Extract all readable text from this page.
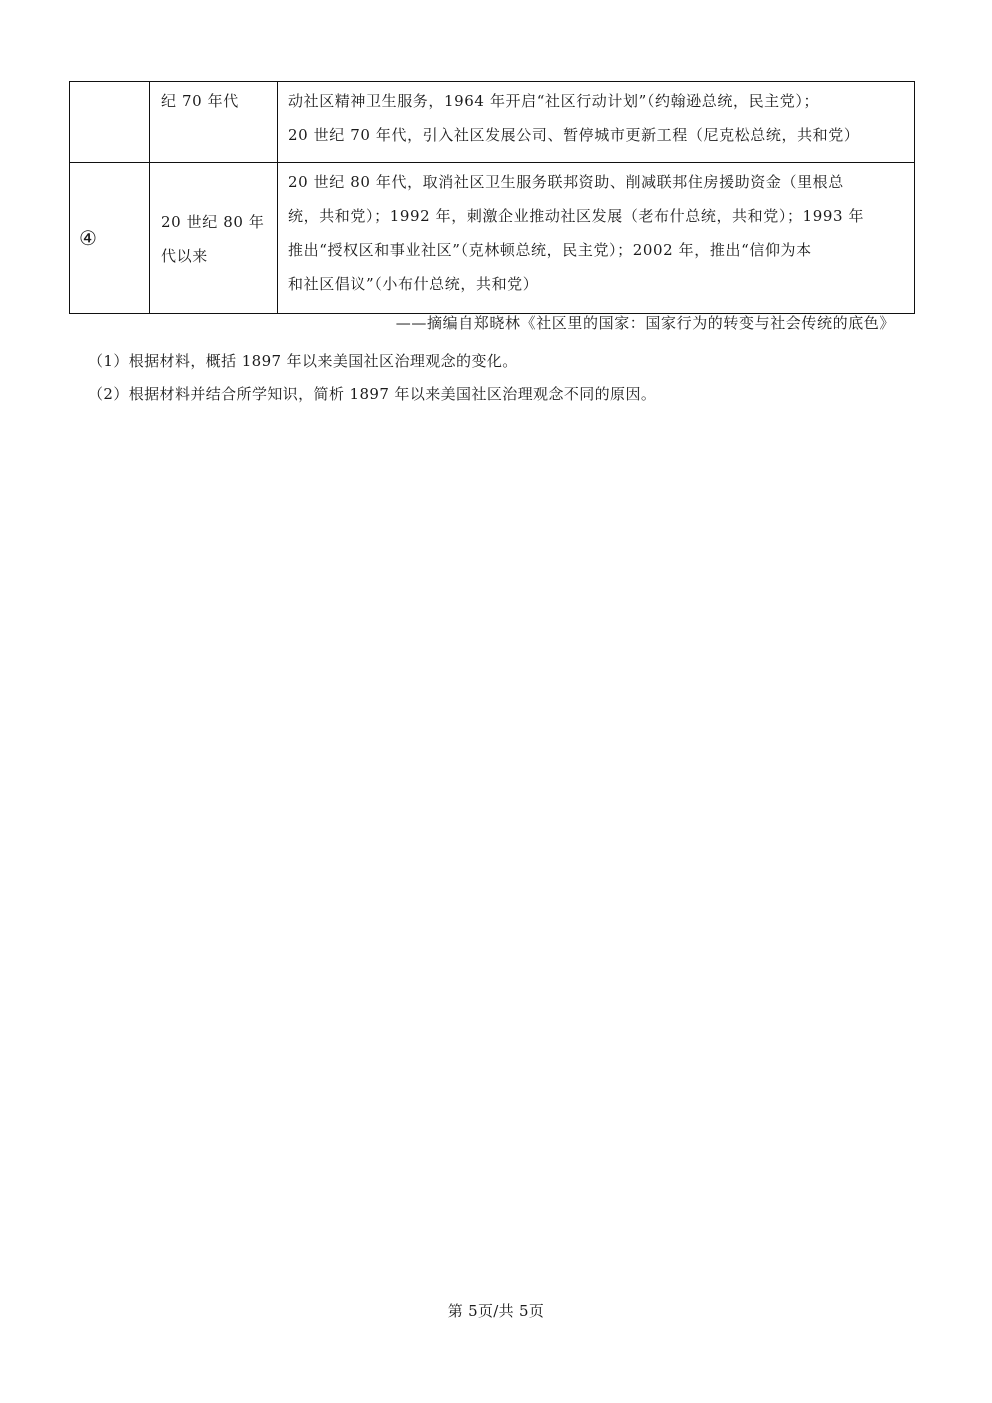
	纪 70 年代	动社区精神卫生服务，1964 年开启“社区行动计划”（约翰逊总统，民主党）；
20 世纪 70 年代，引入社区发展公司、暂停城市更新工程（尼克松总统，共和党）

④	20 世纪 80 年
代以来	20 世纪 80 年代，取消社区卫生服务联邦资助、削减联邦住房援助资金（里根总
统，共和党）；1992 年，刺激企业推动社区发展（老布什总统，共和党）；1993 年
推出“授权区和事业社区”（克林顿总统，民主党）；2002 年，推出“信仰为本
和社区倡议”（小布什总统，共和党）
——摘编自郑晓林《社区里的国家：国家行为的转变与社会传统的底色》
（1）根据材料，概括 1897 年以来美国社区治理观念的变化。
（2）根据材料并结合所学知识，简析 1897 年以来美国社区治理观念不同的原因。
第 5页/共 5页
